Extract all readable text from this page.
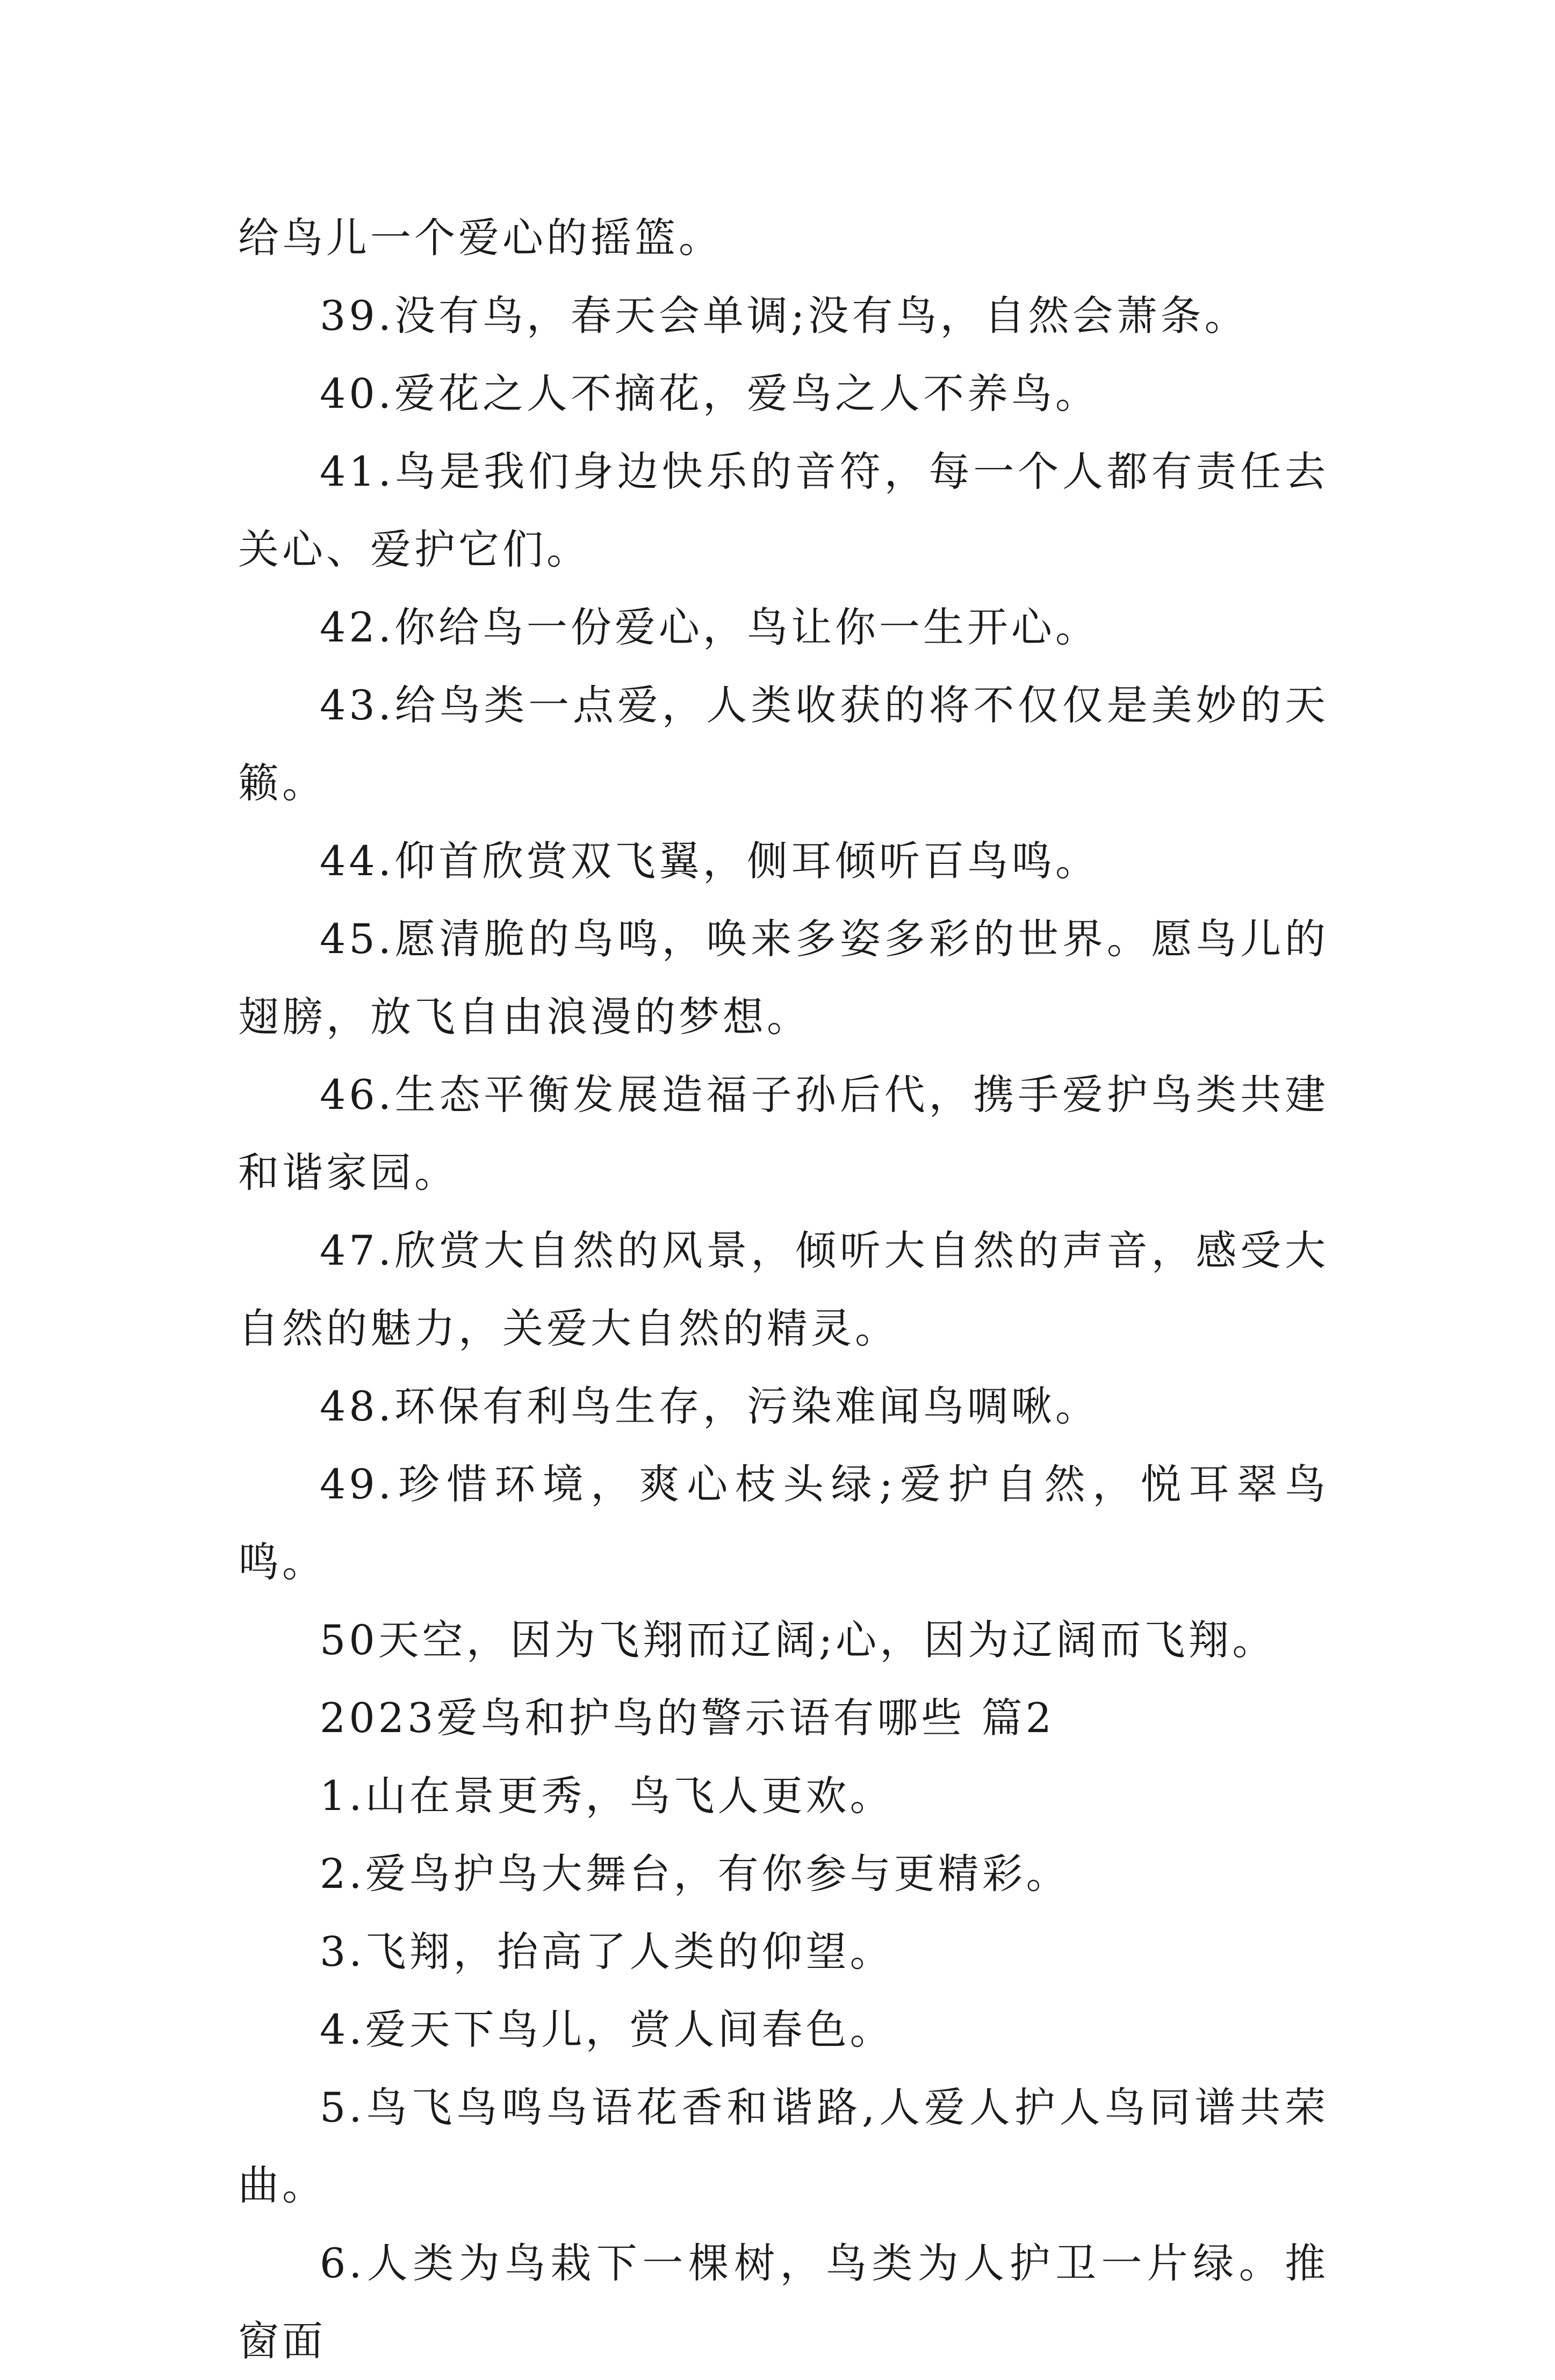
给鸟儿一个爱心的摇篮。

39.没有鸟，春天会单调;没有鸟，自然会萧条。

40.爱花之人不摘花，爱鸟之人不养鸟。

41.鸟是我们身边快乐的音符，每一个人都有责任去关心、爱护它们。

42.你给鸟一份爱心，鸟让你一生开心。

43.给鸟类一点爱，人类收获的将不仅仅是美妙的天籁。

44.仰首欣赏双飞翼，侧耳倾听百鸟鸣。

45.愿清脆的鸟鸣，唤来多姿多彩的世界。愿鸟儿的翅膀，放飞自由浪漫的梦想。

46.生态平衡发展造福子孙后代，携手爱护鸟类共建和谐家园。

47.欣赏大自然的风景，倾听大自然的声音，感受大自然的魅力，关爱大自然的精灵。

48.环保有利鸟生存，污染难闻鸟啁啾。

49.珍惜环境，爽心枝头绿;爱护自然，悦耳翠鸟鸣。

50天空，因为飞翔而辽阔;心，因为辽阔而飞翔。

2023爱鸟和护鸟的警示语有哪些 篇2

1.山在景更秀，鸟飞人更欢。

2.爱鸟护鸟大舞台，有你参与更精彩。

3.飞翔，抬高了人类的仰望。

4.爱天下鸟儿，赏人间春色。

5.鸟飞鸟鸣鸟语花香和谐路,人爱人护人鸟同谱共荣曲。

6.人类为鸟栽下一棵树，鸟类为人护卫一片绿。推窗面
